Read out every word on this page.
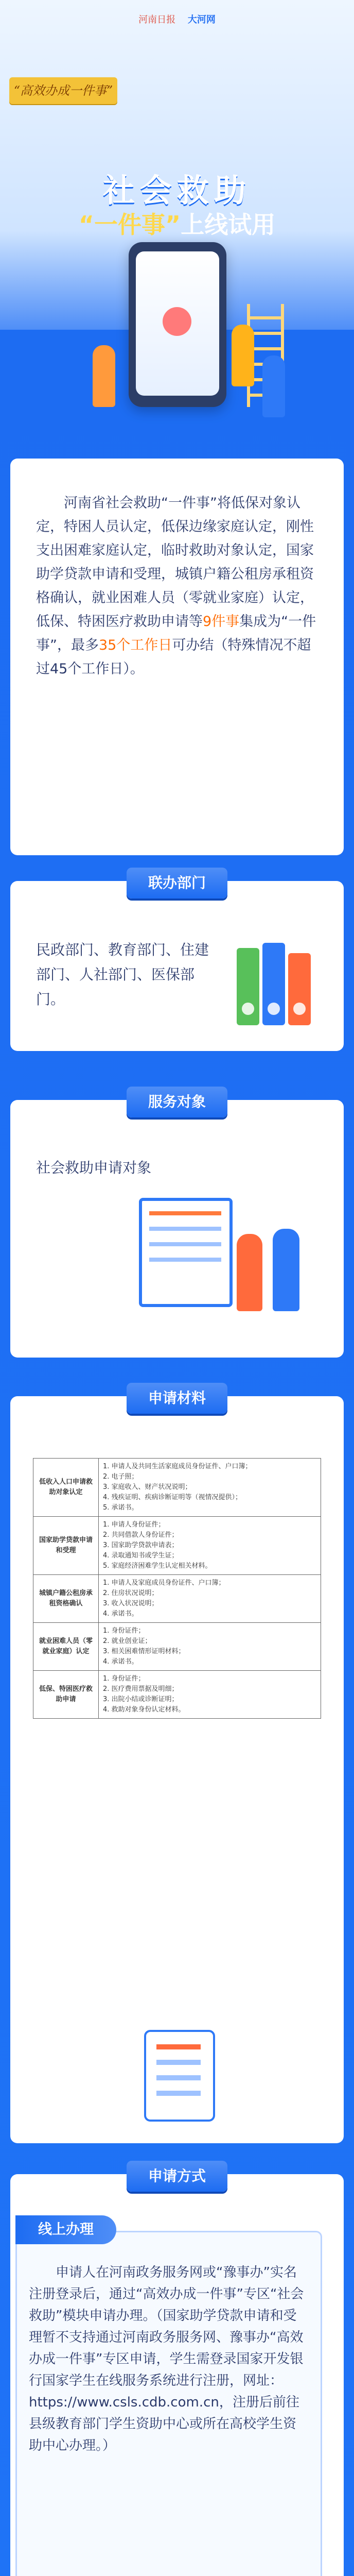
河南日报 大河网
“高效办成一件事”
社会救助
“一件事”上线试用
河南省社会救助“一件事”将低保对象认定，特困人员认定，低保边缘家庭认定，刚性支出困难家庭认定，临时救助对象认定，国家助学贷款申请和受理，城镇户籍公租房承租资格确认，就业困难人员（零就业家庭）认定，低保、特困医疗救助申请等9件事集成为“一件事”，最多35个工作日可办结（特殊情况不超过45个工作日）。
联办部门
民政部门、教育部门、住建部门、人社部门、医保部门。
服务对象
社会救助申请对象
申请材料
低收入人口申请救助对象认定	1. 申请人及共同生活家庭成员身份证件、户口簿；
2. 电子照；
3. 家庭收入、财产状况说明；
4. 残疾证明、疾病诊断证明等（视情况提供）；
5. 承诺书。

国家助学贷款申请和受理	1. 申请人身份证件；
2. 共同借款人身份证件；
3. 国家助学贷款申请表；
4. 录取通知书或学生证；
5. 家庭经济困难学生认定相关材料。

城镇户籍公租房承租资格确认	1. 申请人及家庭成员身份证件、户口簿；
2. 住房状况说明；
3. 收入状况说明；
4. 承诺书。

就业困难人员（零就业家庭）认定	1. 身份证件；
2. 就业创业证；
3. 相关困难情形证明材料；
4. 承诺书。

低保、特困医疗救助申请	1. 身份证件；
2. 医疗费用票据及明细；
3. 出院小结或诊断证明；
4. 救助对象身份认定材料。
申请方式
线上办理
申请人在河南政务服务网或“豫事办”实名注册登录后，通过“高效办成一件事”专区“社会救助”模块申请办理。（国家助学贷款申请和受理暂不支持通过河南政务服务网、豫事办“高效办成一件事”专区申请，学生需登录国家开发银行国家学生在线服务系统进行注册，网址：https://www.csls.cdb.com.cn，注册后前往县级教育部门学生资助中心或所在高校学生资助中心办理。）
